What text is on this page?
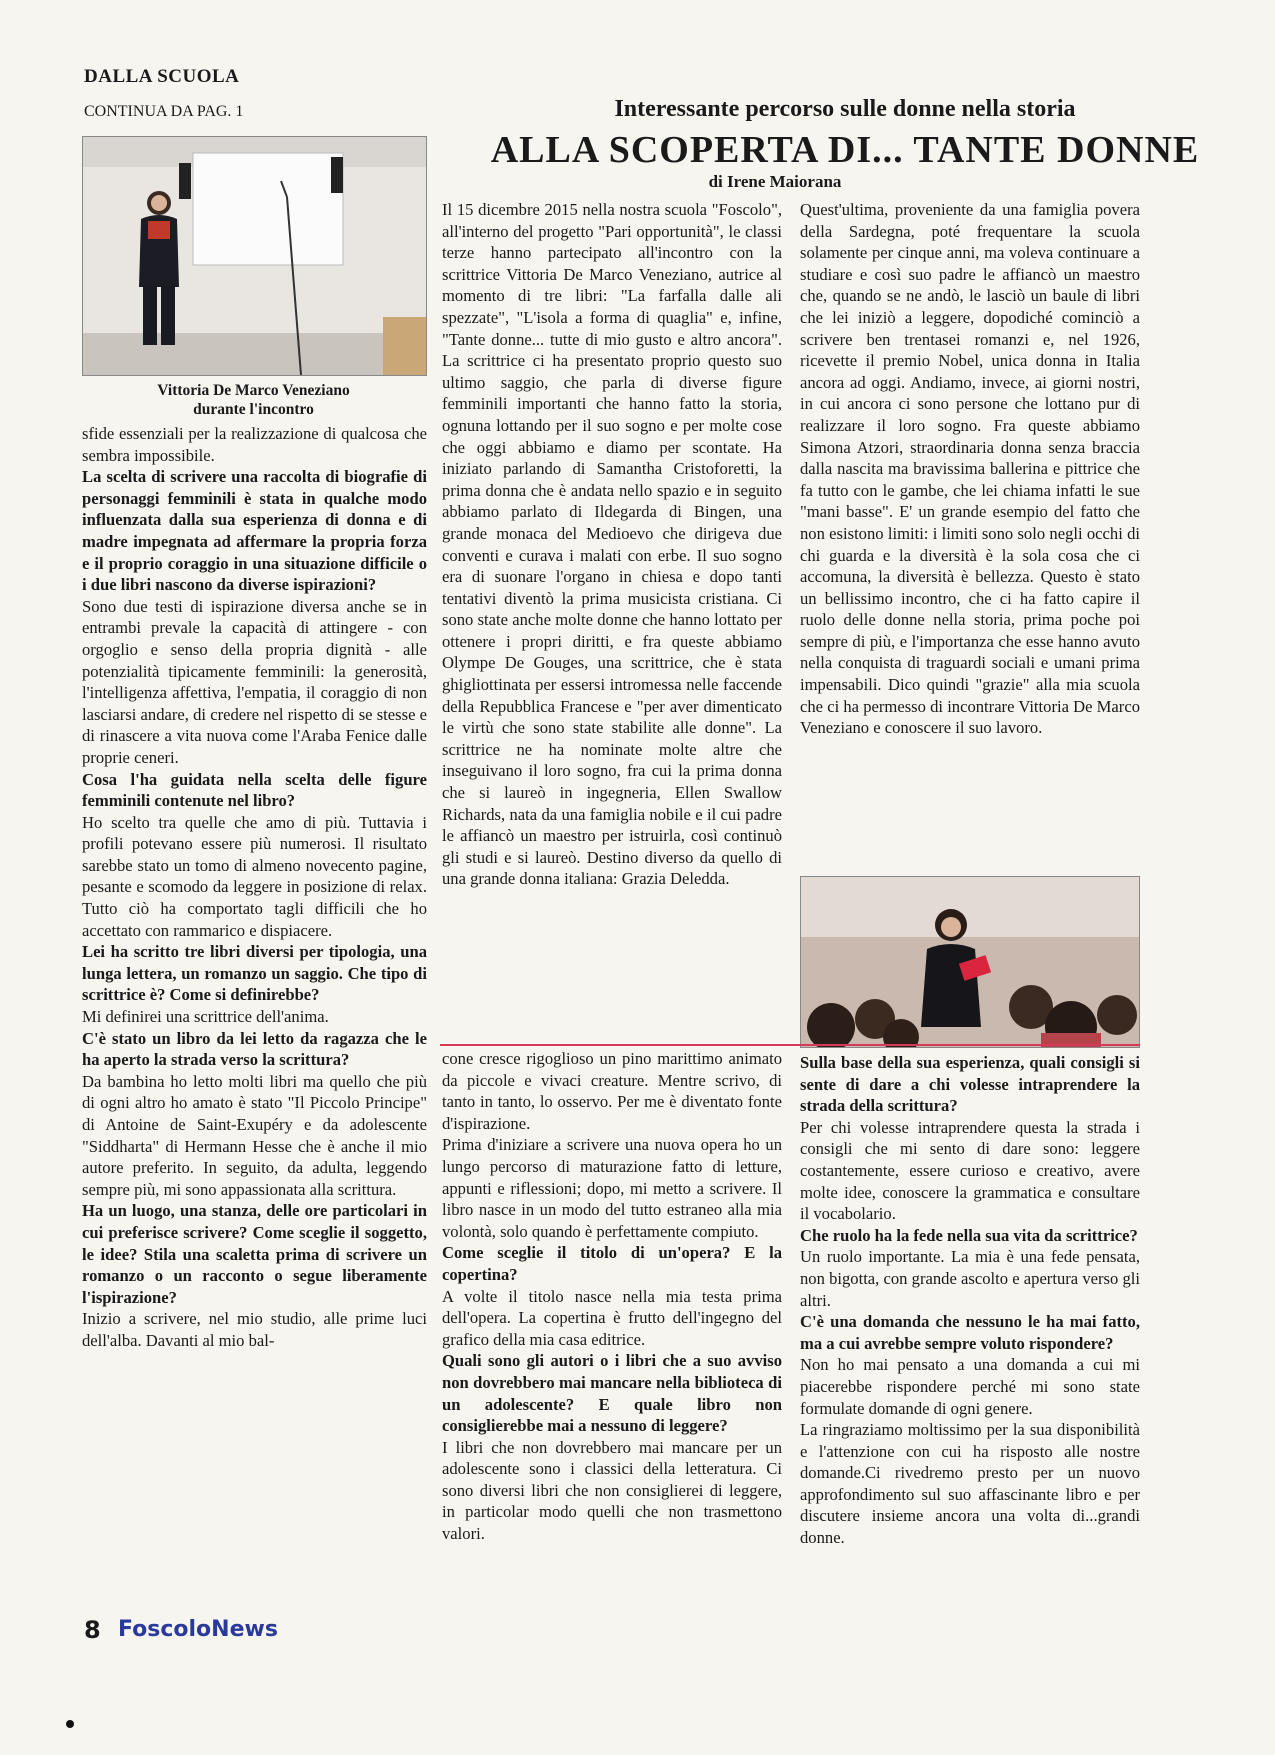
DALLA SCUOLA
CONTINUA DA PAG. 1	Interessante percorso sulle donne nella storia
ALLA SCOPERTA DI... TANTE DONNE
di Irene Maiorana
Vittoria De Marco Veneziano
durante l'incontro

sfide essenziali per la realizzazione di qualcosa che sembra impossibile.

La scelta di scrivere una raccolta di biografie di personaggi femminili è stata in qualche modo influenzata dalla sua esperienza di donna e di madre impegnata ad affermare la propria forza e il proprio coraggio in una situazione difficile o i due libri nascono da diverse ispirazioni?

Sono due testi di ispirazione diversa anche se in entrambi prevale la capacità di attingere - con orgoglio e senso della propria dignità - alle potenzialità tipicamente femminili: la generosità, l'intelligenza affettiva, l'empatia, il coraggio di non lasciarsi andare, di credere nel rispetto di se stesse e di rinascere a vita nuova come l'Araba Fenice dalle proprie ceneri.

Cosa l'ha guidata nella scelta delle figure femminili contenute nel libro?

Ho scelto tra quelle che amo di più. Tuttavia i profili potevano essere più numerosi. Il risultato sarebbe stato un tomo di almeno novecento pagine, pesante e scomodo da leggere in posizione di relax. Tutto ciò ha comportato tagli difficili che ho accettato con rammarico e dispiacere.

Lei ha scritto tre libri diversi per tipologia, una lunga lettera, un romanzo un saggio. Che tipo di scrittrice è? Come si definirebbe?

Mi definirei una scrittrice dell'anima.

C'è stato un libro da lei letto da ragazza che le ha aperto la strada verso la scrittura?

Da bambina ho letto molti libri ma quello che più di ogni altro ho amato è stato "Il Piccolo Principe" di Antoine de Saint-Exupéry e da adolescente "Siddharta" di Hermann Hesse che è anche il mio autore preferito. In seguito, da adulta, leggendo sempre più, mi sono appassionata alla scrittura.

Ha un luogo, una stanza, delle ore particolari in cui preferisce scrivere? Come sceglie il soggetto, le idee? Stila una scaletta prima di scrivere un romanzo o un racconto o segue liberamente l'ispirazione?

Inizio a scrivere, nel mio studio, alle prime luci dell'alba. Davanti al mio bal-

Il 15 dicembre 2015 nella nostra scuola "Foscolo", all'interno del progetto "Pari opportunità", le classi terze hanno partecipato all'incontro con la scrittrice Vittoria De Marco Veneziano, autrice al momento di tre libri: "La farfalla dalle ali spezzate", "L'isola a forma di quaglia" e, infine, "Tante donne... tutte di mio gusto e altro ancora". La scrittrice ci ha presentato proprio questo suo ultimo saggio, che parla di diverse figure femminili importanti che hanno fatto la storia, ognuna lottando per il suo sogno e per molte cose che oggi abbiamo e diamo per scontate. Ha iniziato parlando di Samantha Cristoforetti, la prima donna che è andata nello spazio e in seguito abbiamo parlato di Ildegarda di Bingen, una grande monaca del Medioevo che dirigeva due conventi e curava i malati con erbe. Il suo sogno era di suonare l'organo in chiesa e dopo tanti tentativi diventò la prima musicista cristiana. Ci sono state anche molte donne che hanno lottato per ottenere i propri diritti, e fra queste abbiamo Olympe De Gouges, una scrittrice, che è stata ghigliottinata per essersi intromessa nelle faccende della Repubblica Francese e "per aver dimenticato le virtù che sono state stabilite alle donne". La scrittrice ne ha nominate molte altre che inseguivano il loro sogno, fra cui la prima donna che si laureò in ingegneria, Ellen Swallow Richards, nata da una famiglia nobile e il cui padre le affiancò un maestro per istruirla, così continuò gli studi e si laureò. Destino diverso da quello di una grande donna italiana: Grazia Deledda.

Quest'ultima, proveniente da una famiglia povera della Sardegna, poté frequentare la scuola solamente per cinque anni, ma voleva continuare a studiare e così suo padre le affiancò un maestro che, quando se ne andò, le lasciò un baule di libri che lei iniziò a leggere, dopodiché cominciò a scrivere ben trentasei romanzi e, nel 1926, ricevette il premio Nobel, unica donna in Italia ancora ad oggi. Andiamo, invece, ai giorni nostri, in cui ancora ci sono persone che lottano pur di realizzare il loro sogno. Fra queste abbiamo Simona Atzori, straordinaria donna senza braccia dalla nascita ma bravissima ballerina e pittrice che fa tutto con le gambe, che lei chiama infatti le sue "mani basse". E' un grande esempio del fatto che non esistono limiti: i limiti sono solo negli occhi di chi guarda e la diversità è la sola cosa che ci accomuna, la diversità è bellezza. Questo è stato un bellissimo incontro, che ci ha fatto capire il ruolo delle donne nella storia, prima poche poi sempre di più, e l'importanza che esse hanno avuto nella conquista di traguardi sociali e umani prima impensabili. Dico quindi "grazie" alla mia scuola che ci ha permesso di incontrare Vittoria De Marco Veneziano e conoscere il suo lavoro.

cone cresce rigoglioso un pino marittimo animato da piccole e vivaci creature. Mentre scrivo, di tanto in tanto, lo osservo. Per me è diventato fonte d'ispirazione.

Prima d'iniziare a scrivere una nuova opera ho un lungo percorso di maturazione fatto di letture, appunti e riflessioni; dopo, mi metto a scrivere. Il libro nasce in un modo del tutto estraneo alla mia volontà, solo quando è perfettamente compiuto.

Come sceglie il titolo di un'opera? E la copertina?

A volte il titolo nasce nella mia testa prima dell'opera. La copertina è frutto dell'ingegno del grafico della mia casa editrice.

Quali sono gli autori o i libri che a suo avviso non dovrebbero mai mancare nella biblioteca di un adolescente? E quale libro non consiglierebbe mai a nessuno di leggere?

I libri che non dovrebbero mai mancare per un adolescente sono i classici della letteratura. Ci sono diversi libri che non consiglierei di leggere, in particolar modo quelli che non trasmettono valori.

Sulla base della sua esperienza, quali consigli si sente di dare a chi volesse intraprendere la strada della scrittura?

Per chi volesse intraprendere questa la strada i consigli che mi sento di dare sono: leggere costantemente, essere curioso e creativo, avere molte idee, conoscere la grammatica e consultare il vocabolario.

Che ruolo ha la fede nella sua vita da scrittrice?

Un ruolo importante. La mia è una fede pensata, non bigotta, con grande ascolto e apertura verso gli altri.

C'è una domanda che nessuno le ha mai fatto, ma a cui avrebbe sempre voluto rispondere?

Non ho mai pensato a una domanda a cui mi piacerebbe rispondere perché mi sono state formulate domande di ogni genere.

La ringraziamo moltissimo per la sua disponibilità e l'attenzione con cui ha risposto alle nostre domande.Ci rivedremo presto per un nuovo approfondimento sul suo affascinante libro e per discutere insieme ancora una volta di...grandi donne.

8 FoscoloNews
